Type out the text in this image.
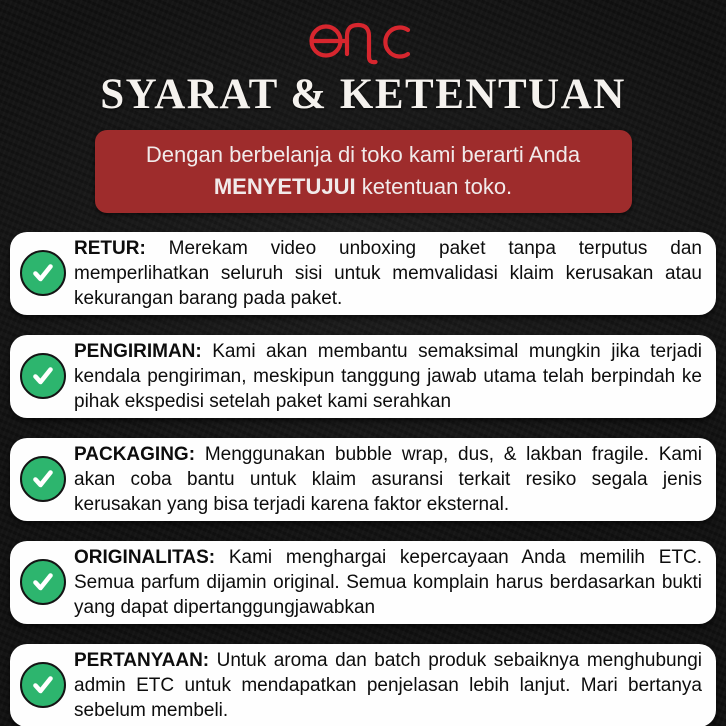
SYARAT & KETENTUAN
Dengan berbelanja di toko kami berarti Anda
MENYETUJUI ketentuan toko.

RETUR: Merekam video unboxing paket tanpa terputus dan memperlihatkan seluruh sisi untuk memvalidasi klaim kerusakan atau kekurangan barang pada paket.

PENGIRIMAN: Kami akan membantu semaksimal mungkin jika terjadi kendala pengiriman, meskipun tanggung jawab utama telah berpindah ke pihak ekspedisi setelah paket kami serahkan

PACKAGING: Menggunakan bubble wrap, dus, & lakban fragile. Kami akan coba bantu untuk klaim asuransi terkait resiko segala jenis kerusakan yang bisa terjadi karena faktor eksternal.

ORIGINALITAS: Kami menghargai kepercayaan Anda memilih ETC. Semua parfum dijamin original. Semua komplain harus berdasarkan bukti yang dapat dipertanggungjawabkan

PERTANYAAN: Untuk aroma dan batch produk sebaiknya menghubungi admin ETC untuk mendapatkan penjelasan lebih lanjut. Mari bertanya sebelum membeli.
